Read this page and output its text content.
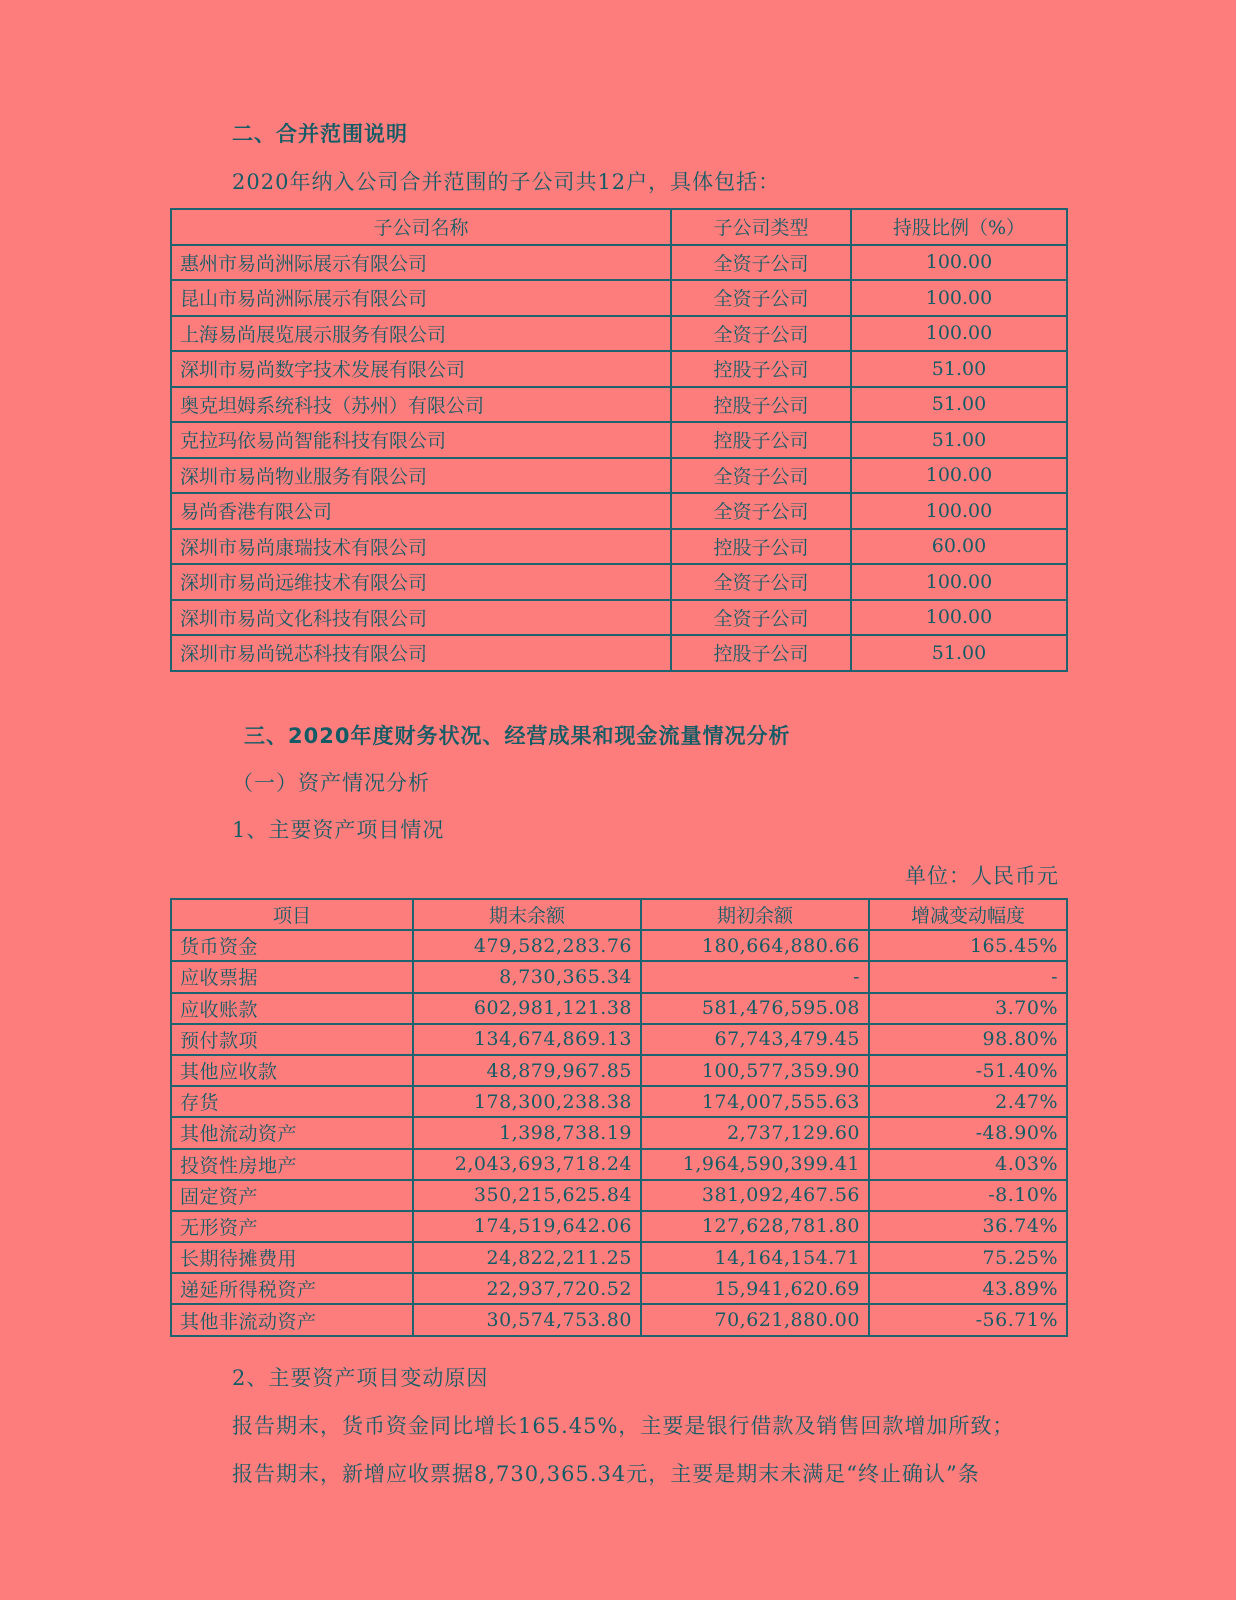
二、合并范围说明
2020年纳入公司合并范围的子公司共12户，具体包括：
子公司名称	子公司类型	持股比例（%）
惠州市易尚洲际展示有限公司	全资子公司	100.00
昆山市易尚洲际展示有限公司	全资子公司	100.00
上海易尚展览展示服务有限公司	全资子公司	100.00
深圳市易尚数字技术发展有限公司	控股子公司	51.00
奥克坦姆系统科技（苏州）有限公司	控股子公司	51.00
克拉玛依易尚智能科技有限公司	控股子公司	51.00
深圳市易尚物业服务有限公司	全资子公司	100.00
易尚香港有限公司	全资子公司	100.00
深圳市易尚康瑞技术有限公司	控股子公司	60.00
深圳市易尚远维技术有限公司	全资子公司	100.00
深圳市易尚文化科技有限公司	全资子公司	100.00
深圳市易尚锐芯科技有限公司	控股子公司	51.00
三、2020年度财务状况、经营成果和现金流量情况分析
（一）资产情况分析
1、主要资产项目情况
单位：人民币元
项目	期末余额	期初余额	增减变动幅度
货币资金	479,582,283.76	180,664,880.66	165.45%
应收票据	8,730,365.34	-	-
应收账款	602,981,121.38	581,476,595.08	3.70%
预付款项	134,674,869.13	67,743,479.45	98.80%
其他应收款	48,879,967.85	100,577,359.90	-51.40%
存货	178,300,238.38	174,007,555.63	2.47%
其他流动资产	1,398,738.19	2,737,129.60	-48.90%
投资性房地产	2,043,693,718.24	1,964,590,399.41	4.03%
固定资产	350,215,625.84	381,092,467.56	-8.10%
无形资产	174,519,642.06	127,628,781.80	36.74%
长期待摊费用	24,822,211.25	14,164,154.71	75.25%
递延所得税资产	22,937,720.52	15,941,620.69	43.89%
其他非流动资产	30,574,753.80	70,621,880.00	-56.71%
2、主要资产项目变动原因
报告期末，货币资金同比增长165.45%，主要是银行借款及销售回款增加所致；
报告期末，新增应收票据8,730,365.34元，主要是期末未满足“终止确认”条
